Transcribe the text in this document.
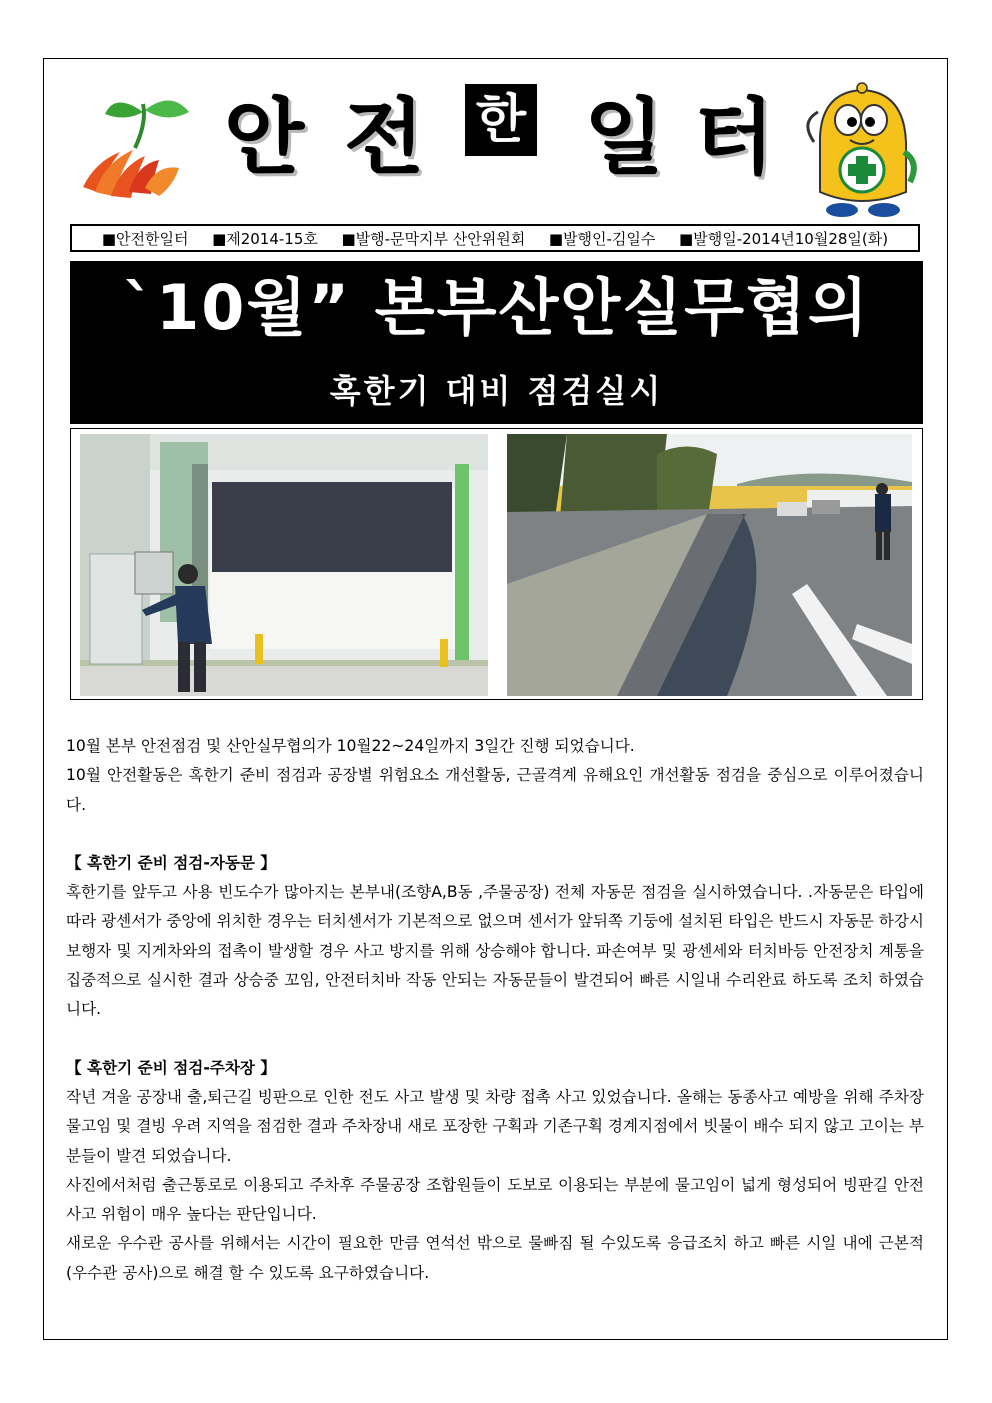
안 전 한 일 터
■안전한일터 ■제2014-15호 ■발행-문막지부 산안위원회 ■발행인-김일수 ■발행일-2014년10월28일(화)
`10월” 본부산안실무협의
혹한기 대비 점검실시

10월 본부 안전점검 및 산안실무협의가 10월22~24일까지 3일간 진행 되었습니다.

10월 안전활동은 혹한기 준비 점검과 공장별 위험요소 개선활동, 근골격계 유해요인 개선활동 점검을 중심으로 이루어졌습니다.

【 혹한기 준비 점검-자동문 】

혹한기를 앞두고 사용 빈도수가 많아지는 본부내(조향A,B동 ,주물공장) 전체 자동문 점검을 실시하였습니다. .자동문은 타입에 따라 광센서가 중앙에 위치한 경우는 터치센서가 기본적으로 없으며 센서가 앞뒤쪽 기둥에 설치된 타입은 반드시 자동문 하강시 보행자 및 지게차와의 접촉이 발생할 경우 사고 방지를 위해 상승해야 합니다. 파손여부 및 광센세와 터치바등 안전장치 계통을 집중적으로 실시한 결과 상승중 꼬임, 안전터치바 작동 안되는 자동문들이 발견되어 빠른 시일내 수리완료 하도록 조치 하였습니다.

【 혹한기 준비 점검-주차장 】

작년 겨울 공장내 출,퇴근길 빙판으로 인한 전도 사고 발생 및 차량 접촉 사고 있었습니다. 올해는 동종사고 예방을 위해 주차장 물고임 및 결빙 우려 지역을 점검한 결과 주차장내 새로 포장한 구획과 기존구획 경계지점에서 빗물이 배수 되지 않고 고이는 부분들이 발견 되었습니다.

사진에서처럼 출근통로로 이용되고 주차후 주물공장 조합원들이 도보로 이용되는 부분에 물고임이 넓게 형성되어 빙판길 안전사고 위험이 매우 높다는 판단입니다.

새로운 우수관 공사를 위해서는 시간이 필요한 만큼 연석선 밖으로 물빠짐 될 수있도록 응급조치 하고 빠른 시일 내에 근본적(우수관 공사)으로 해결 할 수 있도록 요구하였습니다.
